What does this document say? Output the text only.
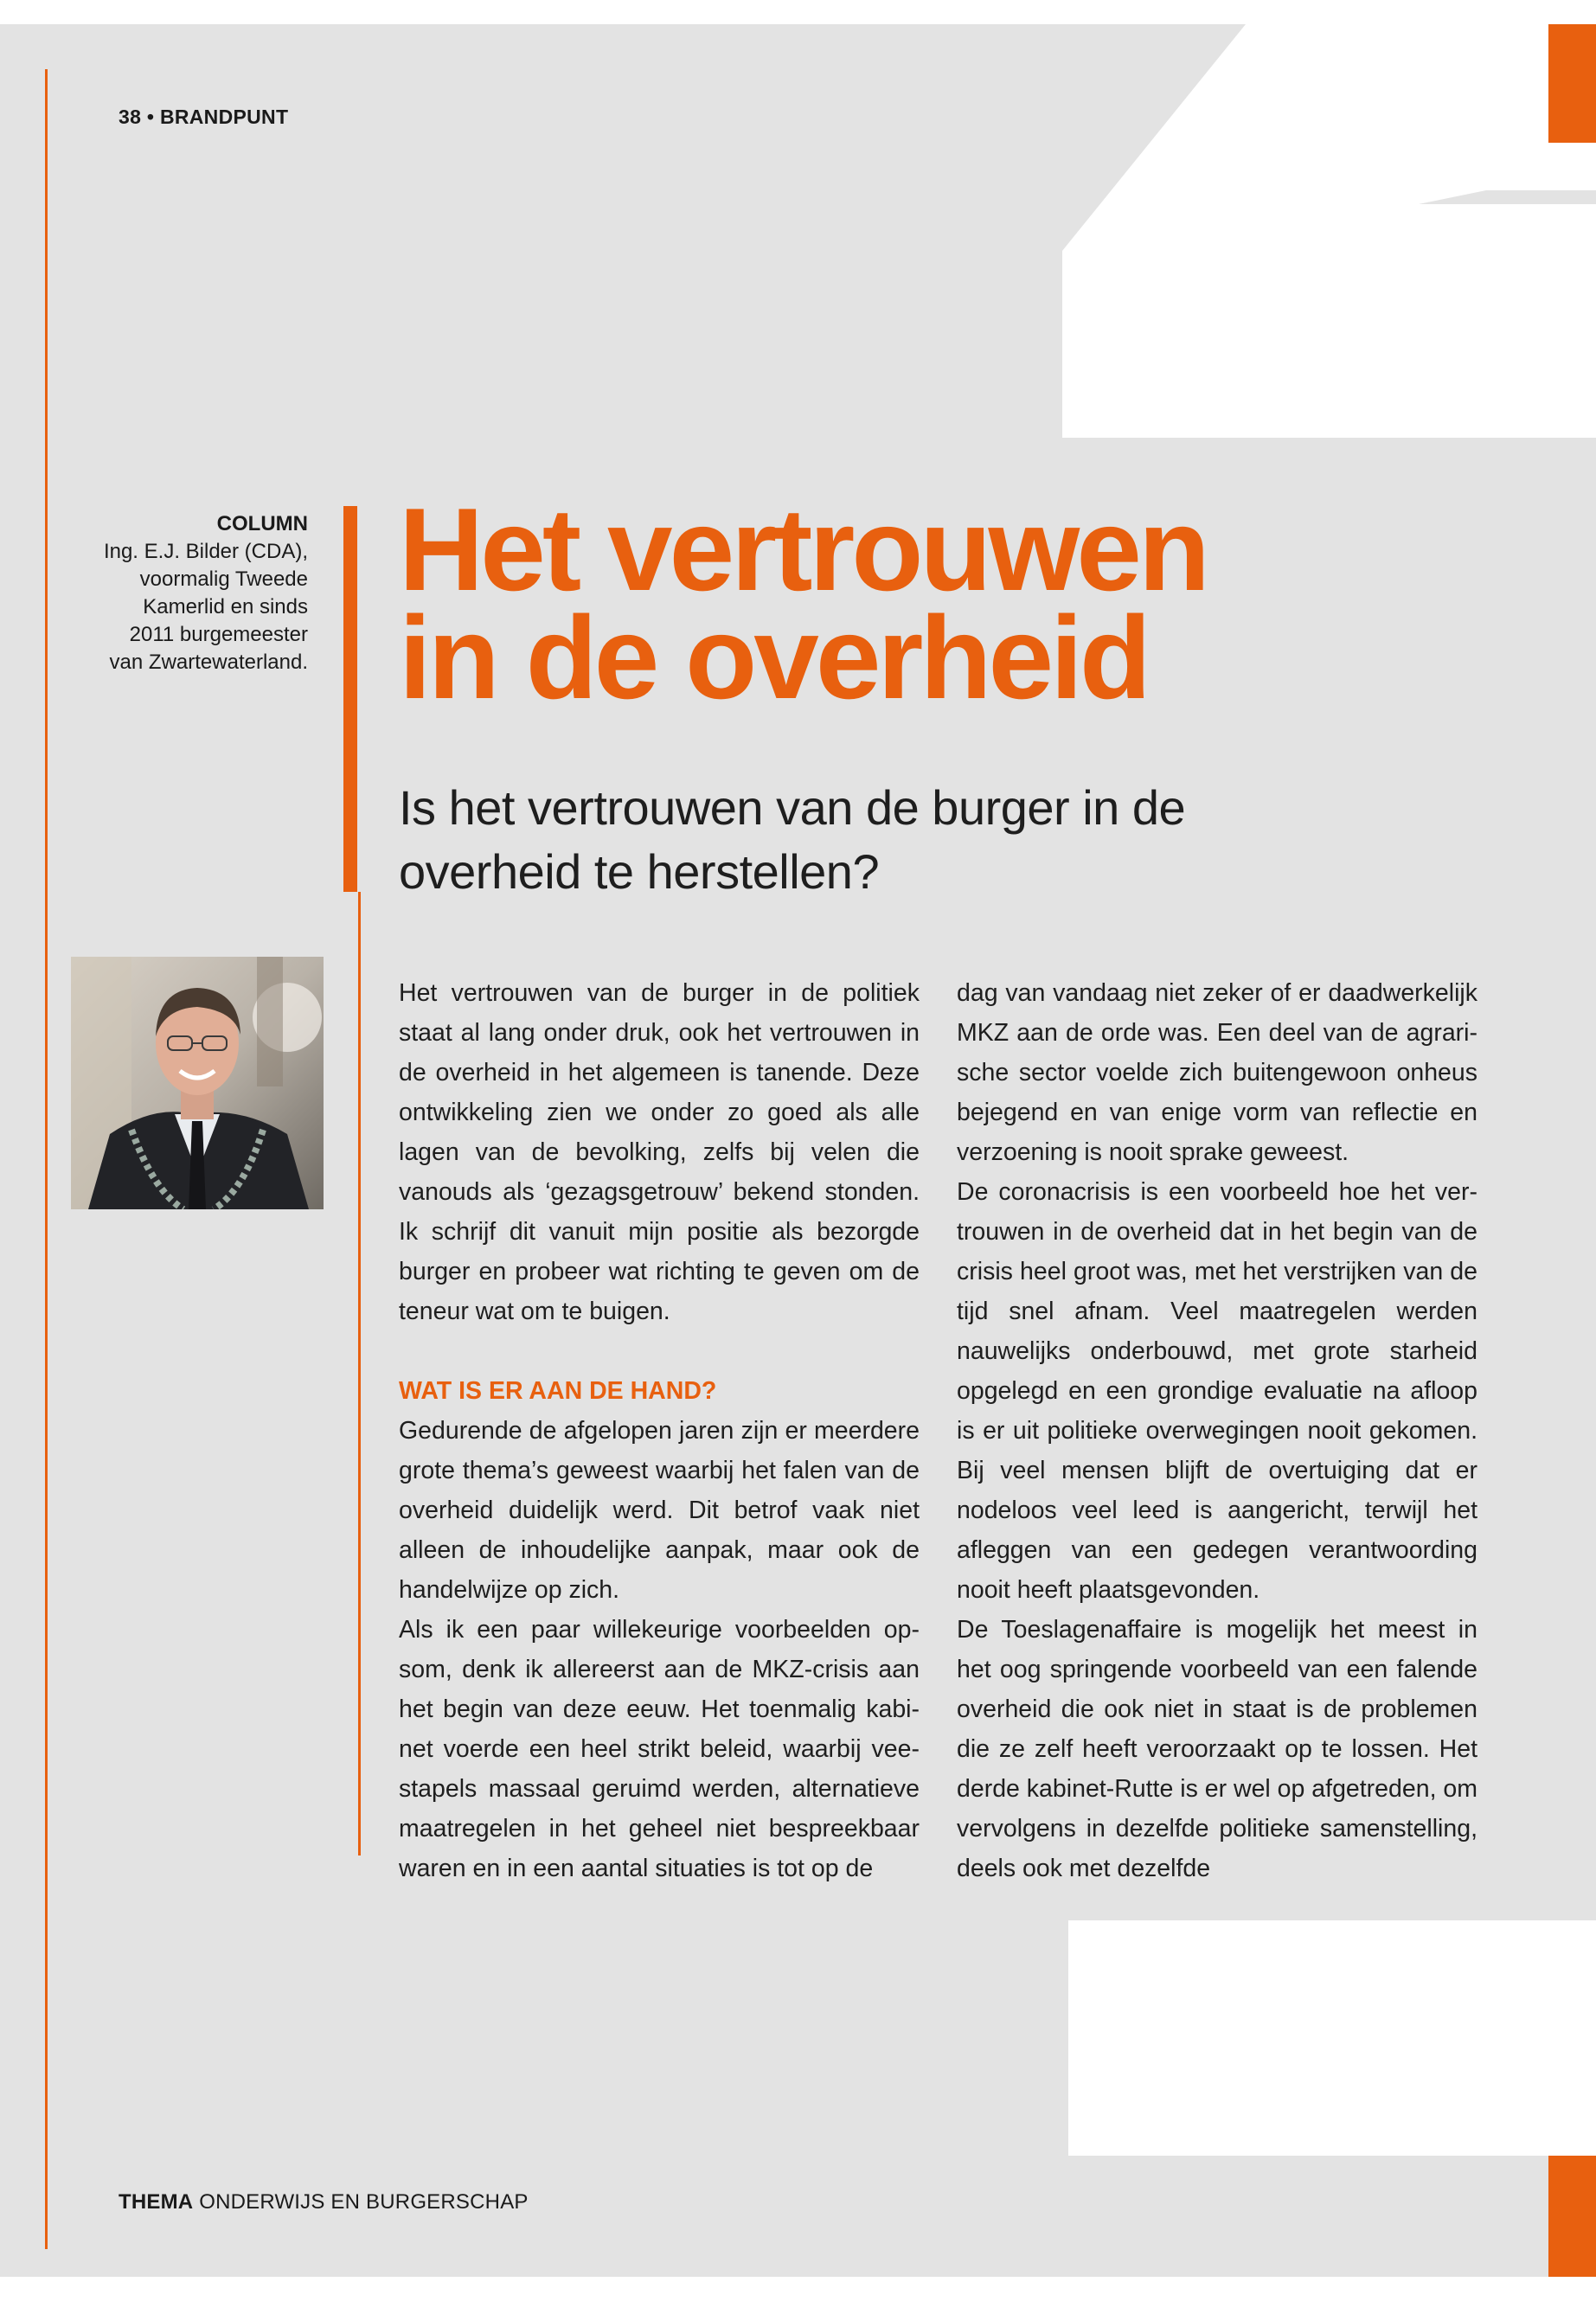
38 • BRANDPUNT
COLUMN
Ing. E.J. Bilder (CDA),
voormalig Tweede
Kamerlid en sinds
2011 burgemeester
van Zwartewaterland.
Het vertrouwen
in de overheid
Is het vertrouwen van de burger in de overheid te herstellen?

Het vertrouwen van de burger in de politiek staat al lang onder druk, ook het vertrouwen in de overheid in het algemeen is tanende. Deze ontwikkeling zien we onder zo goed als alle lagen van de bevolking, zelfs bij velen die vanouds als ‘gezagsgetrouw’ bekend stonden. Ik schrijf dit vanuit mijn positie als bezorgde burger en probeer wat richting te geven om de teneur wat om te buigen.

WAT IS ER AAN DE HAND?

Gedurende de afgelopen jaren zijn er meerdere grote thema’s geweest waarbij het falen van de overheid duidelijk werd. Dit betrof vaak niet alleen de inhoudelijke aanpak, maar ook de handelwijze op zich.

Als ik een paar willekeurige voorbeelden opsom, denk ik allereerst aan de MKZ-crisis aan het begin van deze eeuw. Het toenmalig kabinet voerde een heel strikt beleid, waarbij veestapels massaal geruimd werden, alternatieve maatregelen in het geheel niet bespreekbaar waren en in een aantal situaties is tot op de

dag van vandaag niet zeker of er daadwerkelijk MKZ aan de orde was. Een deel van de agrarische sector voelde zich buitengewoon onheus bejegend en van enige vorm van reflectie en verzoening is nooit sprake geweest.

De coronacrisis is een voorbeeld hoe het vertrouwen in de overheid dat in het begin van de crisis heel groot was, met het verstrijken van de tijd snel afnam. Veel maatregelen werden nauwelijks onderbouwd, met grote starheid opgelegd en een grondige evaluatie na afloop is er uit politieke overwegingen nooit gekomen. Bij veel mensen blijft de overtuiging dat er nodeloos veel leed is aangericht, terwijl het afleggen van een gedegen verantwoording nooit heeft plaatsgevonden.

De Toeslagenaffaire is mogelijk het meest in het oog springende voorbeeld van een falende overheid die ook niet in staat is de problemen die ze zelf heeft veroorzaakt op te lossen. Het derde kabinet-Rutte is er wel op afgetreden, om vervolgens in dezelfde politieke samenstelling, deels ook met dezelfde

THEMA ONDERWIJS EN BURGERSCHAP
